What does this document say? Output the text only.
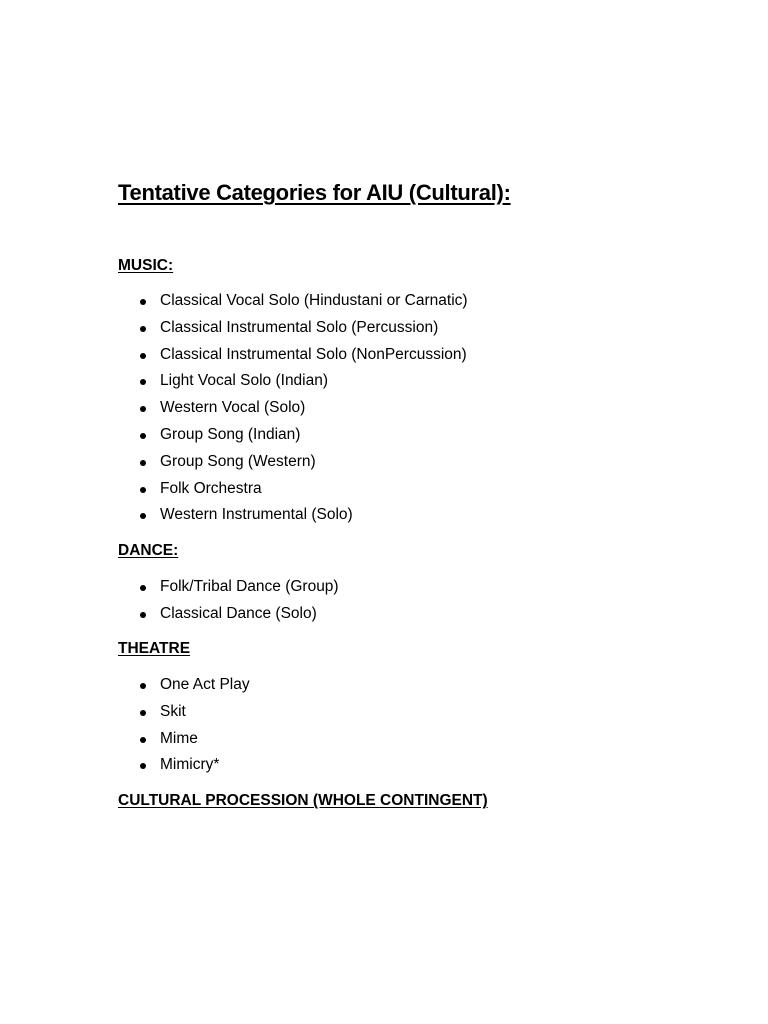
Tentative Categories for AIU (Cultural):
MUSIC:
Classical Vocal Solo (Hindustani or Carnatic)
Classical Instrumental Solo (Percussion)
Classical Instrumental Solo (NonPercussion)
Light Vocal Solo (Indian)
Western Vocal (Solo)
Group Song (Indian)
Group Song (Western)
Folk Orchestra
Western Instrumental (Solo)
DANCE:
Folk/Tribal Dance (Group)
Classical Dance (Solo)
THEATRE
One Act Play
Skit
Mime
Mimicry*
CULTURAL PROCESSION (WHOLE CONTINGENT)
